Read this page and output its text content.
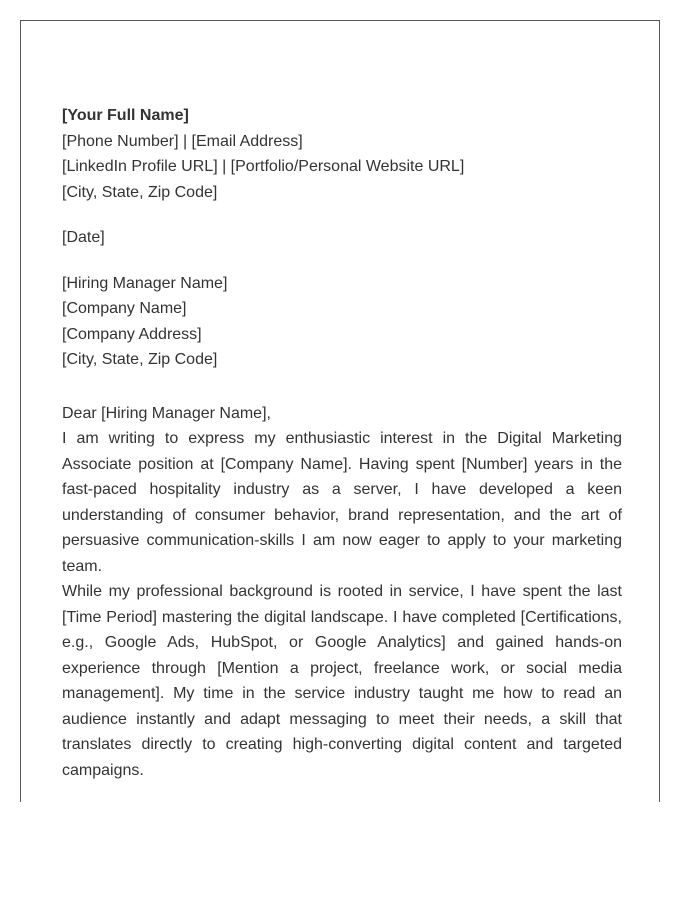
[Your Full Name]
[Phone Number] | [Email Address]
[LinkedIn Profile URL] | [Portfolio/Personal Website URL]
[City, State, Zip Code]
[Date]
[Hiring Manager Name]
[Company Name]
[Company Address]
[City, State, Zip Code]
Dear [Hiring Manager Name],

I am writing to express my enthusiastic interest in the Digital Marketing Associate position at [Company Name]. Having spent [Number] years in the fast-paced hospitality industry as a server, I have developed a keen understanding of consumer behavior, brand representation, and the art of persuasive communication-skills I am now eager to apply to your marketing team.

While my professional background is rooted in service, I have spent the last [Time Period] mastering the digital landscape. I have completed [Certifications, e.g., Google Ads, HubSpot, or Google Analytics] and gained hands-on experience through [Mention a project, freelance work, or social media management]. My time in the service industry taught me how to read an audience instantly and adapt messaging to meet their needs, a skill that translates directly to creating high-converting digital content and targeted campaigns.
